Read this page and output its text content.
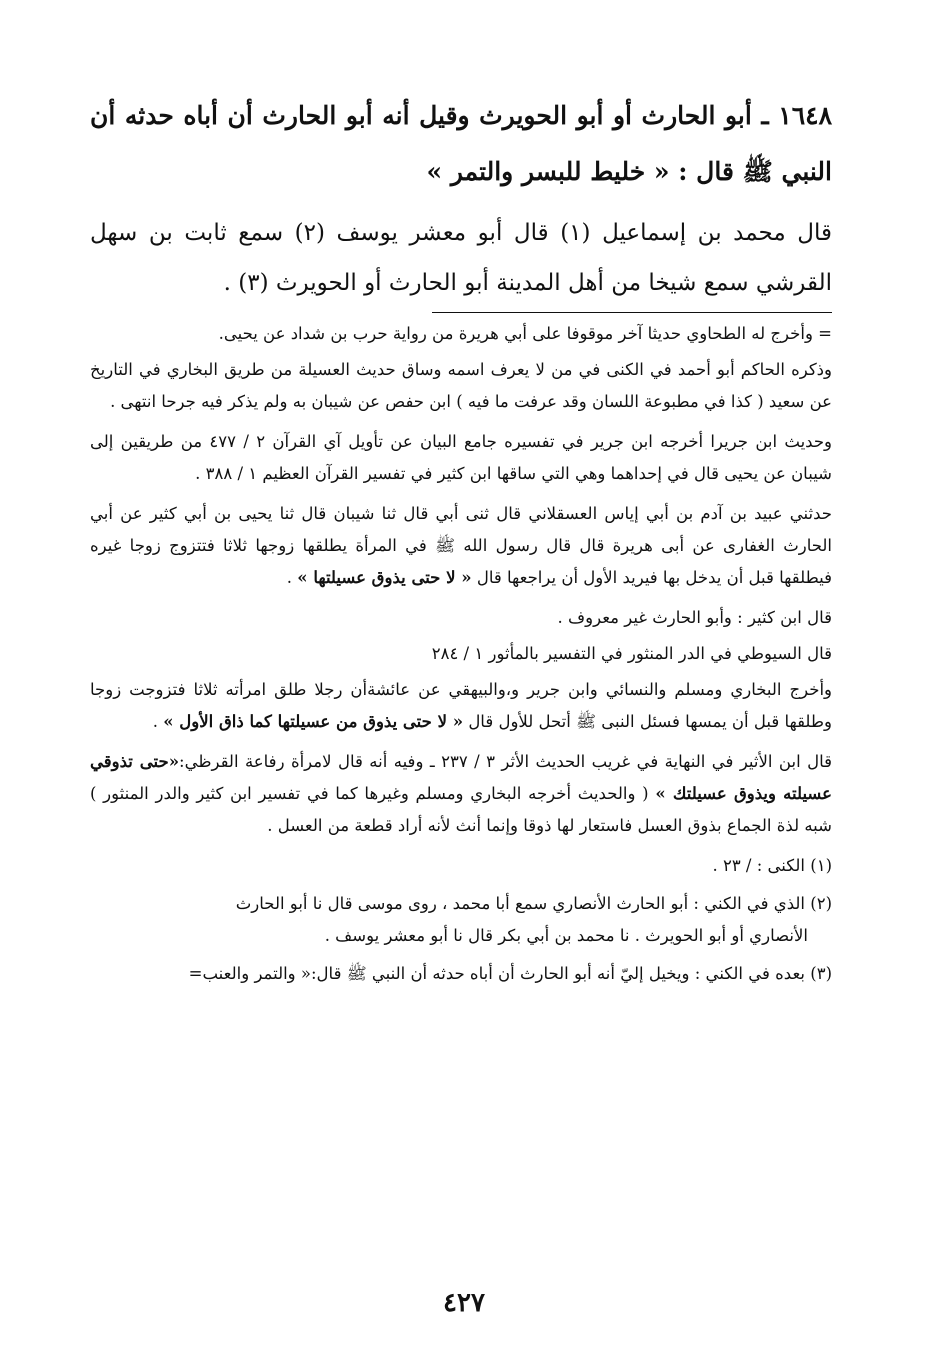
١٦٤٨ ـ أبو الحارث أو أبو الحويرث وقيل أنه أبو الحارث أن أباه حدثه أن النبي ﷺ قال : « خليط للبسر والتمر »
قال محمد بن إسماعيل (١) قال أبو معشر يوسف (٢) سمع ثابت بن سهل القرشي سمع شيخا من أهل المدينة أبو الحارث أو الحويرث (٣) .

= وأخرج له الطحاوي حديثا آخر موقوفا على أبي هريرة من رواية حرب بن شداد عن يحيى.

وذكره الحاكم أبو أحمد في الكنى في من لا يعرف اسمه وساق حديث العسيلة من طريق البخاري في التاريخ عن سعيد ( كذا في مطبوعة اللسان وقد عرفت ما فيه ) ابن حفص عن شيبان به ولم يذكر فيه جرحا انتهى .

وحديث ابن جريرا أخرجه ابن جرير في تفسيره جامع البيان عن تأويل آي القرآن ٢ / ٤٧٧ من طريقين إلى شيبان عن يحيى قال في إحداهما وهي التي ساقها ابن كثير في تفسير القرآن العظيم ١ / ٣٨٨ .

حدثني عبيد بن آدم بن أبي إياس العسقلاني قال ثنى أبي قال ثنا شيبان قال ثنا يحيى بن أبي كثير عن أبي الحارث الغفارى عن أبى هريرة قال قال رسول الله ﷺ في المرأة يطلقها زوجها ثلاثا فتتزوج زوجا غيره فيطلقها قبل أن يدخل بها فيريد الأول أن يراجعها قال « لا حتى يذوق عسيلتها » .

قال ابن كثير : وأبو الحارث غير معروف .

قال السيوطي في الدر المنثور في التفسير بالمأثور ١ / ٢٨٤

وأخرج البخاري ومسلم والنسائي وابن جرير و،والبيهقي عن عائشةأن رجلا طلق امرأته ثلاثا فتزوجت زوجا وطلقها قبل أن يمسها فسئل النبى ﷺ أتحل للأول قال « لا حتى يذوق من عسيلتها كما ذاق الأول » .

قال ابن الأثير في النهاية في غريب الحديث الأثر ٣ / ٢٣٧ ـ وفيه أنه قال لامرأة رفاعة القرظي:«حتى تذوقي عسيلته ويذوق عسيلتك » ( والحديث أخرجه البخاري ومسلم وغيرها كما في تفسير ابن كثير والدر المنثور ) شبه لذة الجماع بذوق العسل فاستعار لها ذوقا وإنما أنث لأنه أراد قطعة من العسل .

(١) الكنى : / ٢٣ .
(٢) الذي في الكني : أبو الحارث الأنصاري سمع أبا محمد ، روى موسى قال نا أبو الحارث
الأنصاري أو أبو الحويرث . نا محمد بن أبي بكر قال نا أبو معشر يوسف .
(٣) بعده في الكني : ويخيل إليّ أنه أبو الحارث أن أباه حدثه أن النبي ﷺ قال:« والتمر والعنب=
٤٢٧
